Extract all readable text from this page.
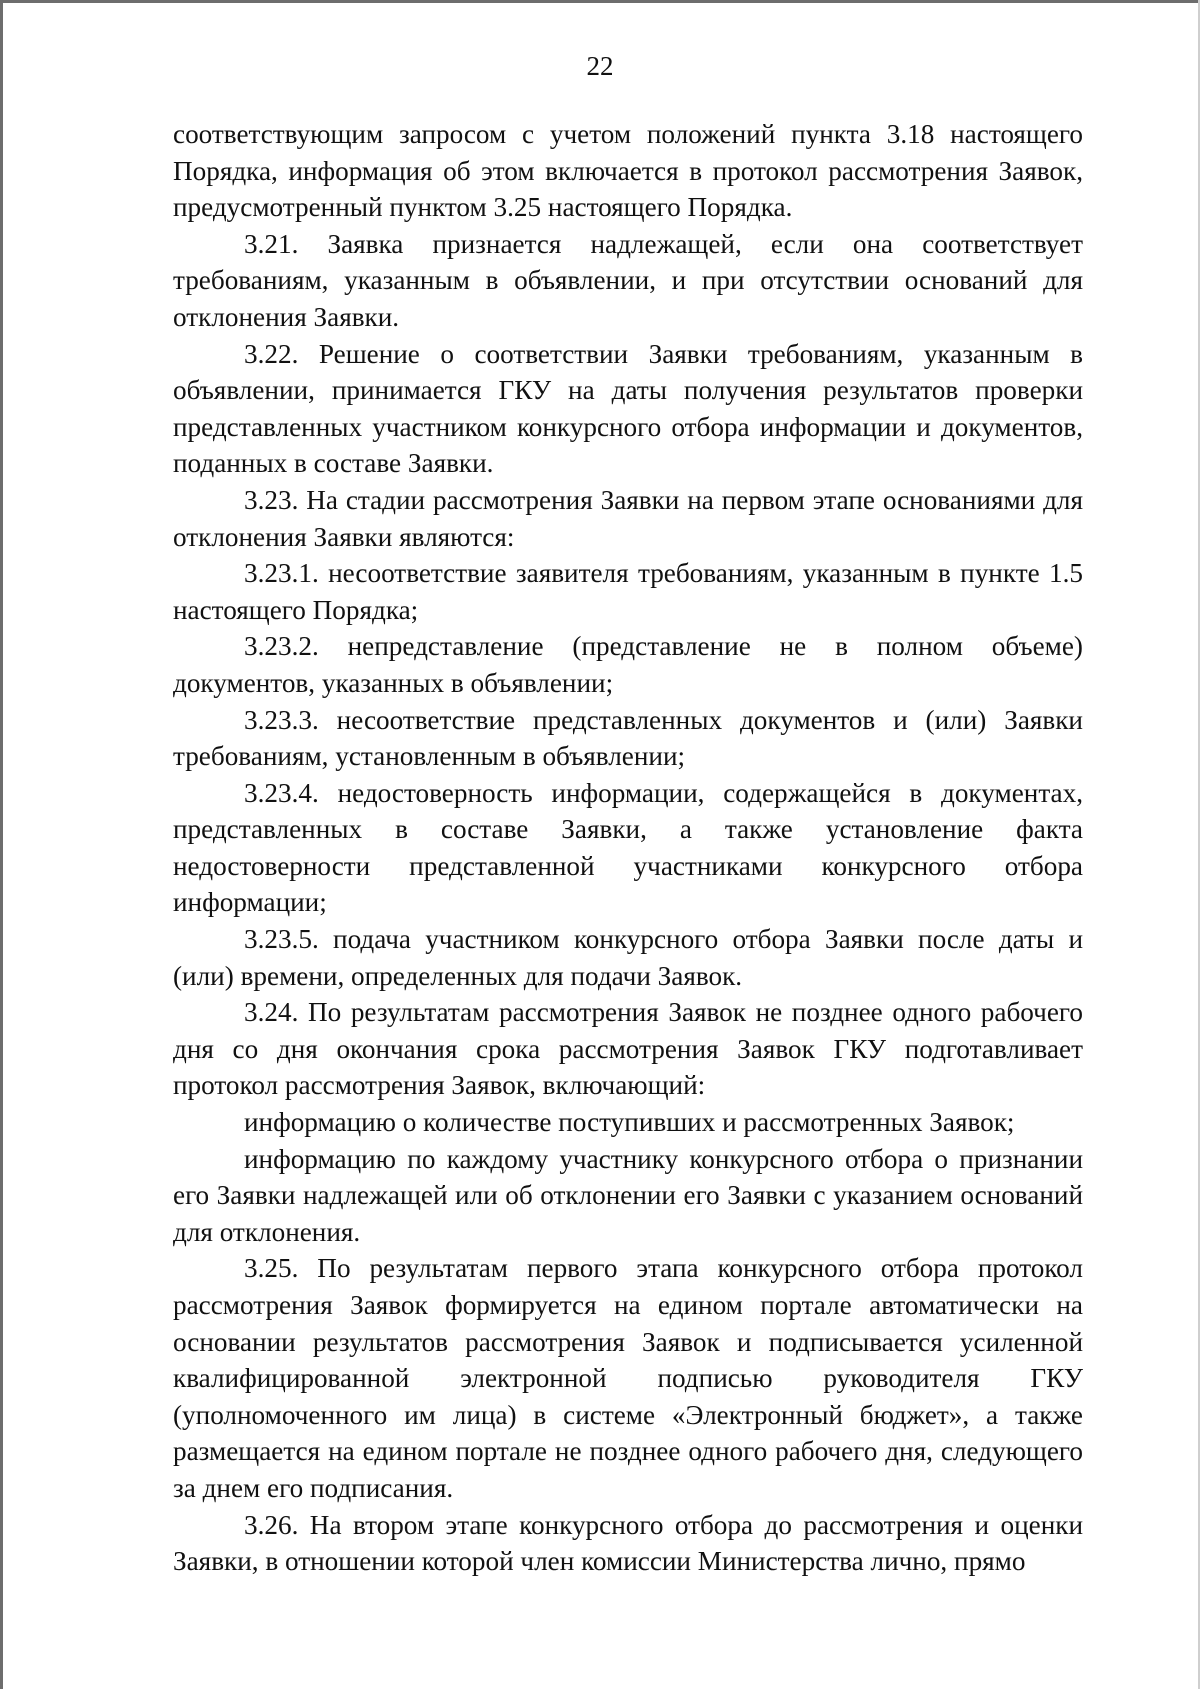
22

соответствующим запросом с учетом положений пункта 3.18 настоящего Порядка, информация об этом включается в протокол рассмотрения Заявок, предусмотренный пунктом 3.25 настоящего Порядка.

3.21. Заявка признается надлежащей, если она соответствует требованиям, указанным в объявлении, и при отсутствии оснований для отклонения Заявки.

3.22. Решение о соответствии Заявки требованиям, указанным в объявлении, принимается ГКУ на даты получения результатов проверки представленных участником конкурсного отбора информации и документов, поданных в составе Заявки.

3.23. На стадии рассмотрения Заявки на первом этапе основаниями для отклонения Заявки являются:

3.23.1. несоответствие заявителя требованиям, указанным в пункте 1.5 настоящего Порядка;

3.23.2. непредставление (представление не в полном объеме) документов, указанных в объявлении;

3.23.3. несоответствие представленных документов и (или) Заявки требованиям, установленным в объявлении;

3.23.4. недостоверность информации, содержащейся в документах, представленных в составе Заявки, а также установление факта недостоверности представленной участниками конкурсного отбора информации;

3.23.5. подача участником конкурсного отбора Заявки после даты и (или) времени, определенных для подачи Заявок.

3.24. По результатам рассмотрения Заявок не позднее одного рабочего дня со дня окончания срока рассмотрения Заявок ГКУ подготавливает протокол рассмотрения Заявок, включающий:

информацию о количестве поступивших и рассмотренных Заявок;

информацию по каждому участнику конкурсного отбора о признании его Заявки надлежащей или об отклонении его Заявки с указанием оснований для отклонения.

3.25. По результатам первого этапа конкурсного отбора протокол рассмотрения Заявок формируется на едином портале автоматически на основании результатов рассмотрения Заявок и подписывается усиленной квалифицированной электронной подписью руководителя ГКУ (уполномоченного им лица) в системе «Электронный бюджет», а также размещается на едином портале не позднее одного рабочего дня, следующего за днем его подписания.

3.26. На втором этапе конкурсного отбора до рассмотрения и оценки Заявки, в отношении которой член комиссии Министерства лично, прямо
